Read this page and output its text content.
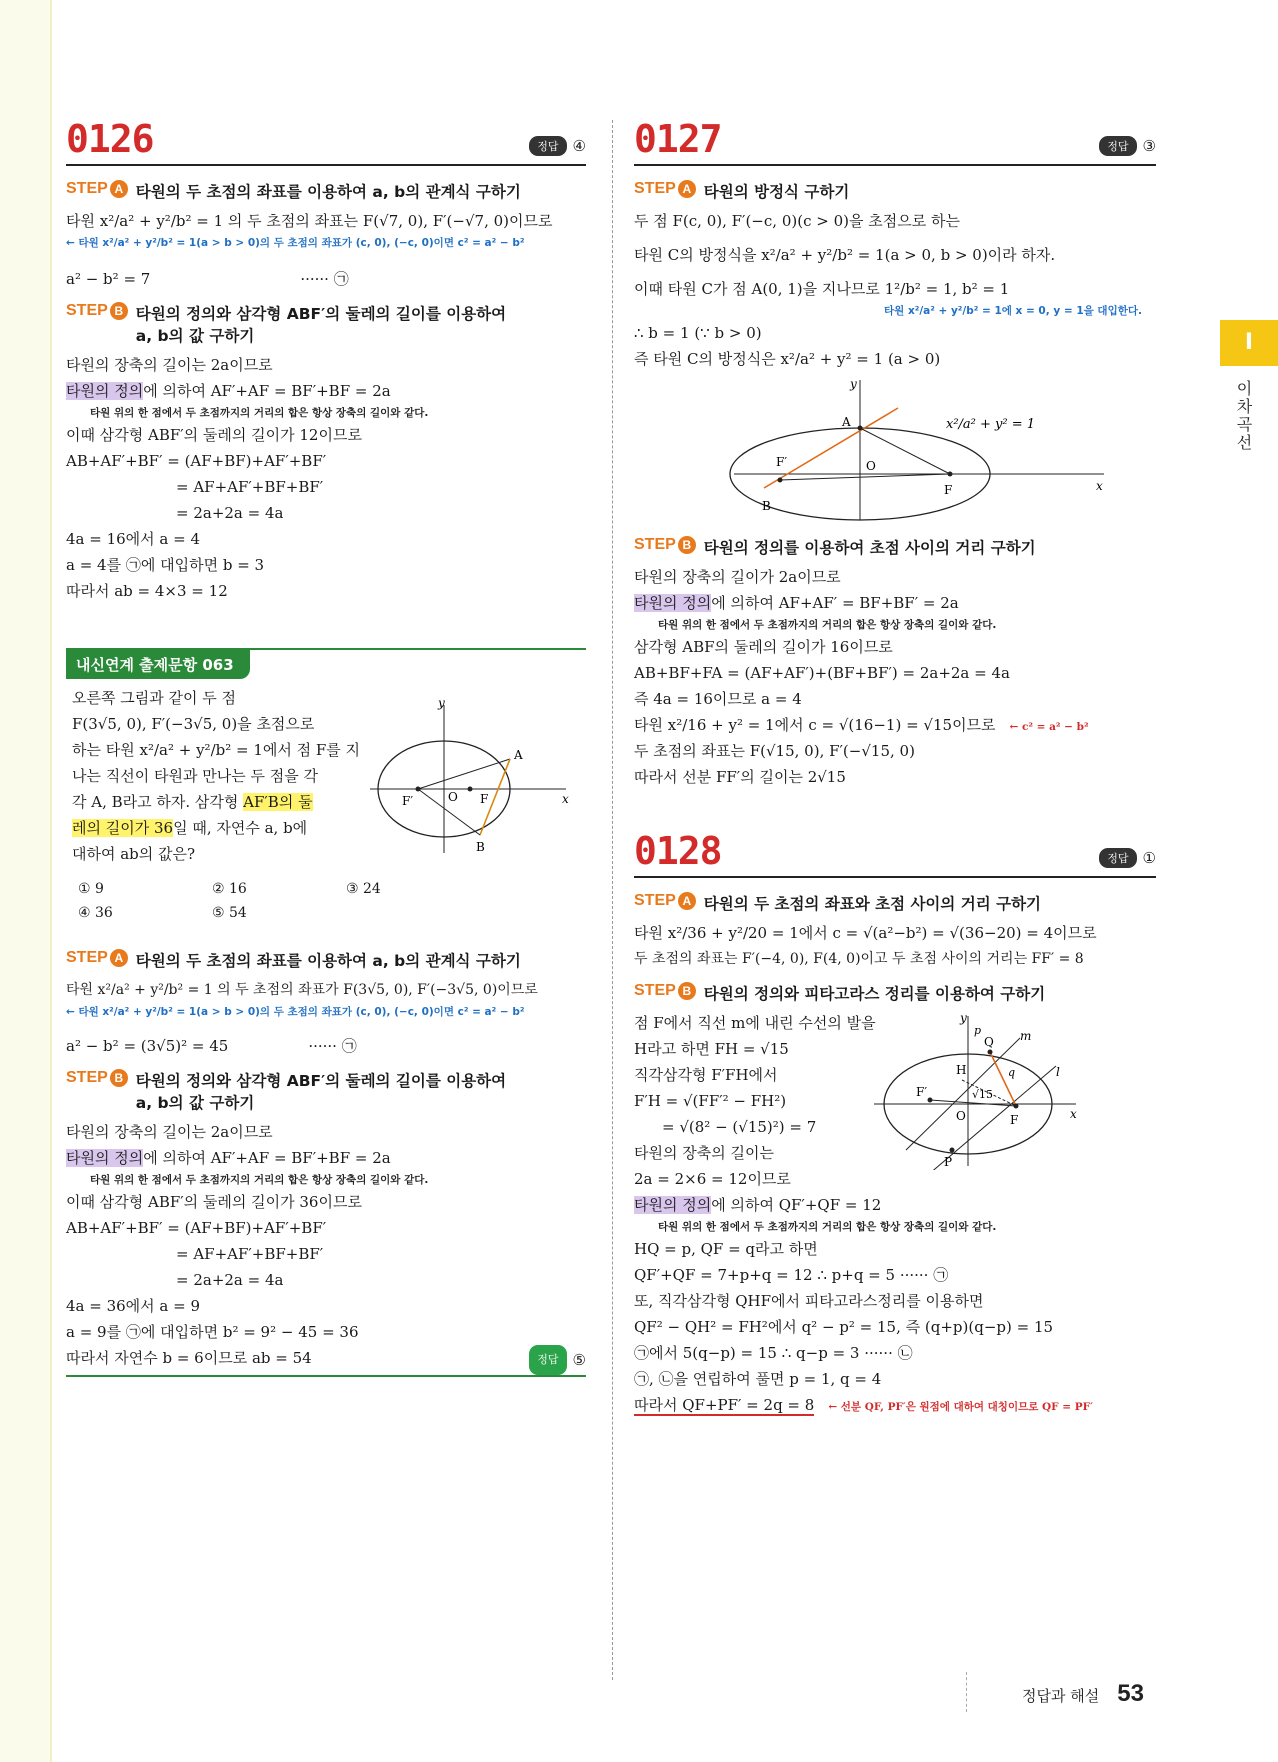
0126	정답 ④
STEP A 타원의 두 초점의 좌표를 이용하여 a, b의 관계식 구하기
타원 x²/a² + y²/b² = 1 의 두 초점의 좌표는 F(√7, 0), F′(−√7, 0)이므로
← 타원 x²/a² + y²/b² = 1(a > b > 0)의 두 초점의 좌표가 (c, 0), (−c, 0)이면 c² = a² − b²
a² − b² = 7	······ ㉠
STEP B 타원의 정의와 삼각형 ABF′의 둘레의 길이를 이용하여 a, b의 값 구하기
타원의 장축의 길이는 2a이므로
타원의 정의에 의하여 AF′+AF = BF′+BF = 2a
타원 위의 한 점에서 두 초점까지의 거리의 합은 항상 장축의 길이와 같다.
이때 삼각형 ABF′의 둘레의 길이가 12이므로
AB+AF′+BF′ = (AF+BF)+AF′+BF′
= AF+AF′+BF+BF′
= 2a+2a = 4a
4a = 16에서 a = 4
a = 4를 ㉠에 대입하면 b = 3
따라서 ab = 4×3 = 12
내신연계 출제문항 063
오른쪽 그림과 같이 두 점
F(3√5, 0), F′(−3√5, 0)을 초점으로
하는 타원 x²/a² + y²/b² = 1에서 점 F를 지
나는 직선이 타원과 만나는 두 점을 각
각 A, B라고 하자. 삼각형 AF′B의 둘
레의 길이가 36일 때, 자연수 a, b에
대하여 ab의 값은?
y
x
A
B
F
F′	O
① 9	② 16	③ 24
④ 36	⑤ 54
STEP A 타원의 두 초점의 좌표를 이용하여 a, b의 관계식 구하기
타원 x²/a² + y²/b² = 1 의 두 초점의 좌표가 F(3√5, 0), F′(−3√5, 0)이므로
← 타원 x²/a² + y²/b² = 1(a > b > 0)의 두 초점의 좌표가 (c, 0), (−c, 0)이면 c² = a² − b²
a² − b² = (3√5)² = 45	······ ㉠
STEP B 타원의 정의와 삼각형 ABF′의 둘레의 길이를 이용하여 a, b의 값 구하기
타원의 장축의 길이는 2a이므로
타원의 정의에 의하여 AF′+AF = BF′+BF = 2a
타원 위의 한 점에서 두 초점까지의 거리의 합은 항상 장축의 길이와 같다.
이때 삼각형 ABF′의 둘레의 길이가 36이므로
AB+AF′+BF′ = (AF+BF)+AF′+BF′
= AF+AF′+BF+BF′
= 2a+2a = 4a
4a = 36에서 a = 9
a = 9를 ㉠에 대입하면 b² = 9² − 45 = 36
따라서 자연수 b = 6이므로 ab = 54	정답 ⑤
0127	정답 ③
STEP A 타원의 방정식 구하기
두 점 F(c, 0), F′(−c, 0)(c > 0)을 초점으로 하는
타원 C의 방정식을 x²/a² + y²/b² = 1(a > 0, b > 0)이라 하자.
이때 타원 C가 점 A(0, 1)을 지나므로 1²/b² = 1, b² = 1
타원 x²/a² + y²/b² = 1에 x = 0, y = 1을 대입한다.
∴ b = 1 (∵ b > 0)
즉 타원 C의 방정식은 x²/a² + y² = 1 (a > 0)
y
x
A
B
F
F′	O
x²/a² + y² = 1
STEP B 타원의 정의를 이용하여 초점 사이의 거리 구하기
타원의 장축의 길이가 2a이므로
타원의 정의에 의하여 AF+AF′ = BF+BF′ = 2a
타원 위의 한 점에서 두 초점까지의 거리의 합은 항상 장축의 길이와 같다.
삼각형 ABF의 둘레의 길이가 16이므로
AB+BF+FA = (AF+AF′)+(BF+BF′) = 2a+2a = 4a
즉 4a = 16이므로 a = 4
타원 x²/16 + y² = 1에서 c = √(16−1) = √15이므로 ← c² = a² − b²
두 초점의 좌표는 F(√15, 0), F′(−√15, 0)
따라서 선분 FF′의 길이는 2√15
0128	정답 ①
STEP A 타원의 두 초점의 좌표와 초점 사이의 거리 구하기
타원 x²/36 + y²/20 = 1에서 c = √(a²−b²) = √(36−20) = 4이므로
두 초점의 좌표는 F′(−4, 0), F(4, 0)이고 두 초점 사이의 거리는 FF′ = 8
STEP B 타원의 정의와 피타고라스 정리를 이용하여 구하기
y
x
m
l
H
Q
p
q
√15
F′
F
O
P
점 F에서 직선 m에 내린 수선의 발을
H라고 하면 FH = √15
직각삼각형 F′FH에서
F′H = √(FF′² − FH²)
= √(8² − (√15)²) = 7
타원의 장축의 길이는
2a = 2×6 = 12이므로
타원의 정의에 의하여 QF′+QF = 12
타원 위의 한 점에서 두 초점까지의 거리의 합은 항상 장축의 길이와 같다.
HQ = p, QF = q라고 하면
QF′+QF = 7+p+q = 12 ∴ p+q = 5 ······ ㉠
또, 직각삼각형 QHF에서 피타고라스정리를 이용하면
QF² − QH² = FH²에서 q² − p² = 15, 즉 (q+p)(q−p) = 15
㉠에서 5(q−p) = 15 ∴ q−p = 3 ······ ㉡
㉠, ㉡을 연립하여 풀면 p = 1, q = 4
따라서 QF+PF′ = 2q = 8 ← 선분 QF, PF′은 원점에 대하여 대칭이므로 QF = PF′
I
이차곡선
정답과 해설 53
